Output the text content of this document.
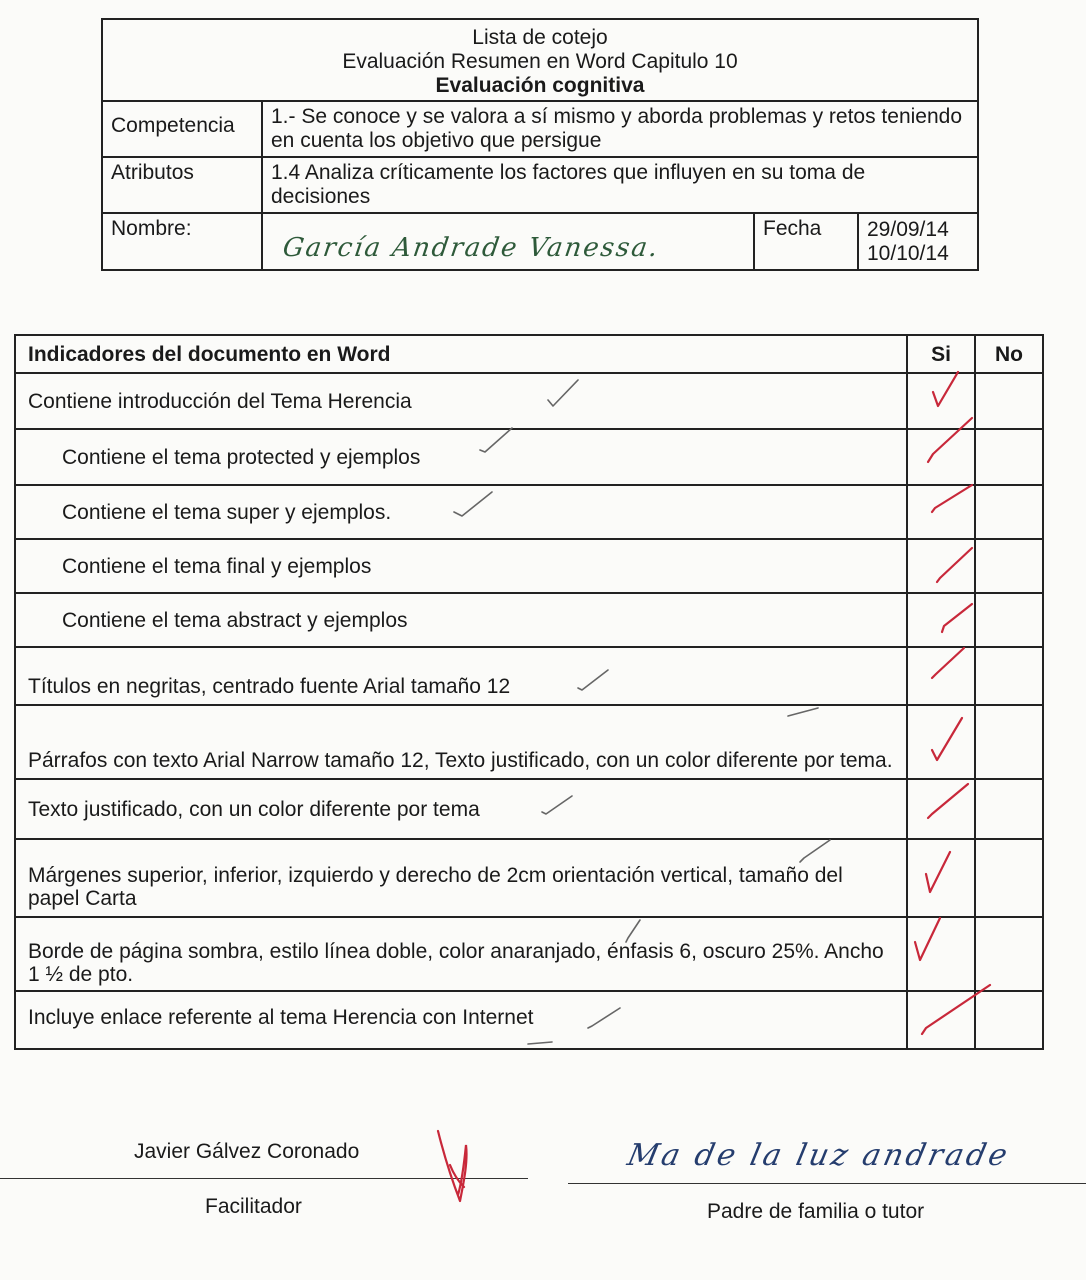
Lista de cotejo
Evaluación Resumen en Word Capitulo 10
Evaluación cognitiva			

Competencia	1.- Se conoce y se valora a sí mismo y aborda problemas y retos teniendo en cuenta los objetivo que persigue		
Atributos	1.4 Analiza críticamente los factores que influyen en su toma de decisiones		
Nombre:	García Andrade Vanessa.	Fecha	29/09/14
10/10/14
Indicadores del documento en Word	Si	No
Contiene introducción del Tema Herencia		
Contiene el tema protected y ejemplos		
Contiene el tema super y ejemplos.		
Contiene el tema final y ejemplos		
Contiene el tema abstract y ejemplos		
Títulos en negritas, centrado fuente Arial tamaño 12		
Párrafos con texto Arial Narrow tamaño 12, Texto justificado, con un color diferente por tema.		
Texto justificado, con un color diferente por tema		
Márgenes superior, inferior, izquierdo y derecho de 2cm orientación vertical, tamaño del papel Carta		
Borde de página sombra, estilo línea doble, color anaranjado, énfasis 6, oscuro 25%. Ancho 1 ½ de pto.		
Incluye enlace referente al tema Herencia con Internet		
Javier Gálvez Coronado
Facilitador
Ma de la luz andrade
Padre de familia o tutor
